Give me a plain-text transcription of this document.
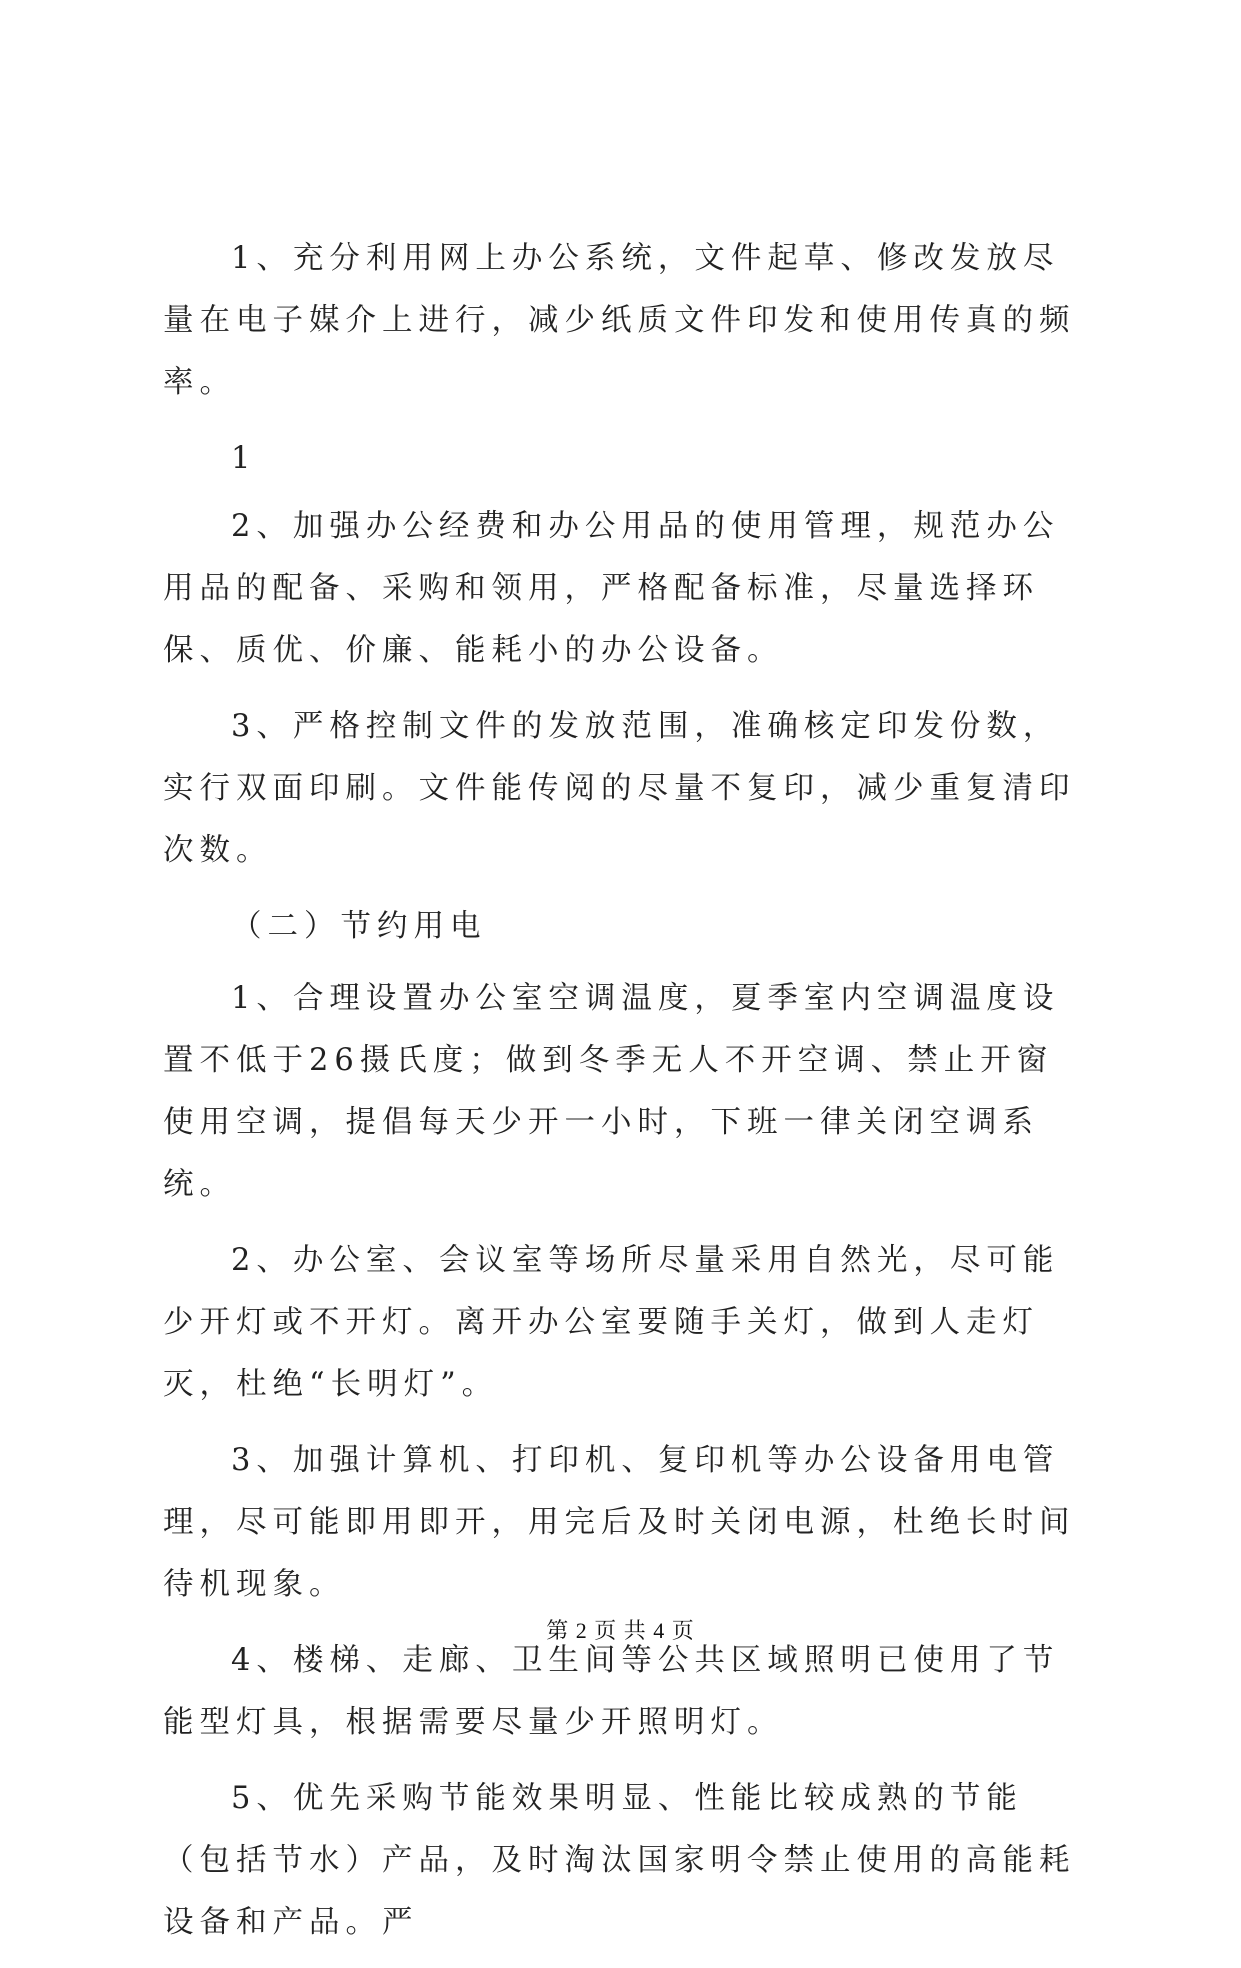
1、充分利用网上办公系统，文件起草、修改发放尽量在电子媒介上进行，减少纸质文件印发和使用传真的频率。

1

2、加强办公经费和办公用品的使用管理，规范办公用品的配备、采购和领用，严格配备标准，尽量选择环保、质优、价廉、能耗小的办公设备。

3、严格控制文件的发放范围，准确核定印发份数，实行双面印刷。文件能传阅的尽量不复印，减少重复清印次数。

（二）节约用电

1、合理设置办公室空调温度，夏季室内空调温度设置不低于26摄氏度；做到冬季无人不开空调、禁止开窗使用空调，提倡每天少开一小时，下班一律关闭空调系统。

2、办公室、会议室等场所尽量采用自然光，尽可能少开灯或不开灯。离开办公室要随手关灯，做到人走灯灭，杜绝“长明灯”。

3、加强计算机、打印机、复印机等办公设备用电管理，尽可能即用即开，用完后及时关闭电源，杜绝长时间待机现象。

4、楼梯、走廊、卫生间等公共区域照明已使用了节能型灯具，根据需要尽量少开照明灯。

5、优先采购节能效果明显、性能比较成熟的节能（包括节水）产品，及时淘汰国家明令禁止使用的高能耗设备和产品。严

第 2 页 共 4 页
